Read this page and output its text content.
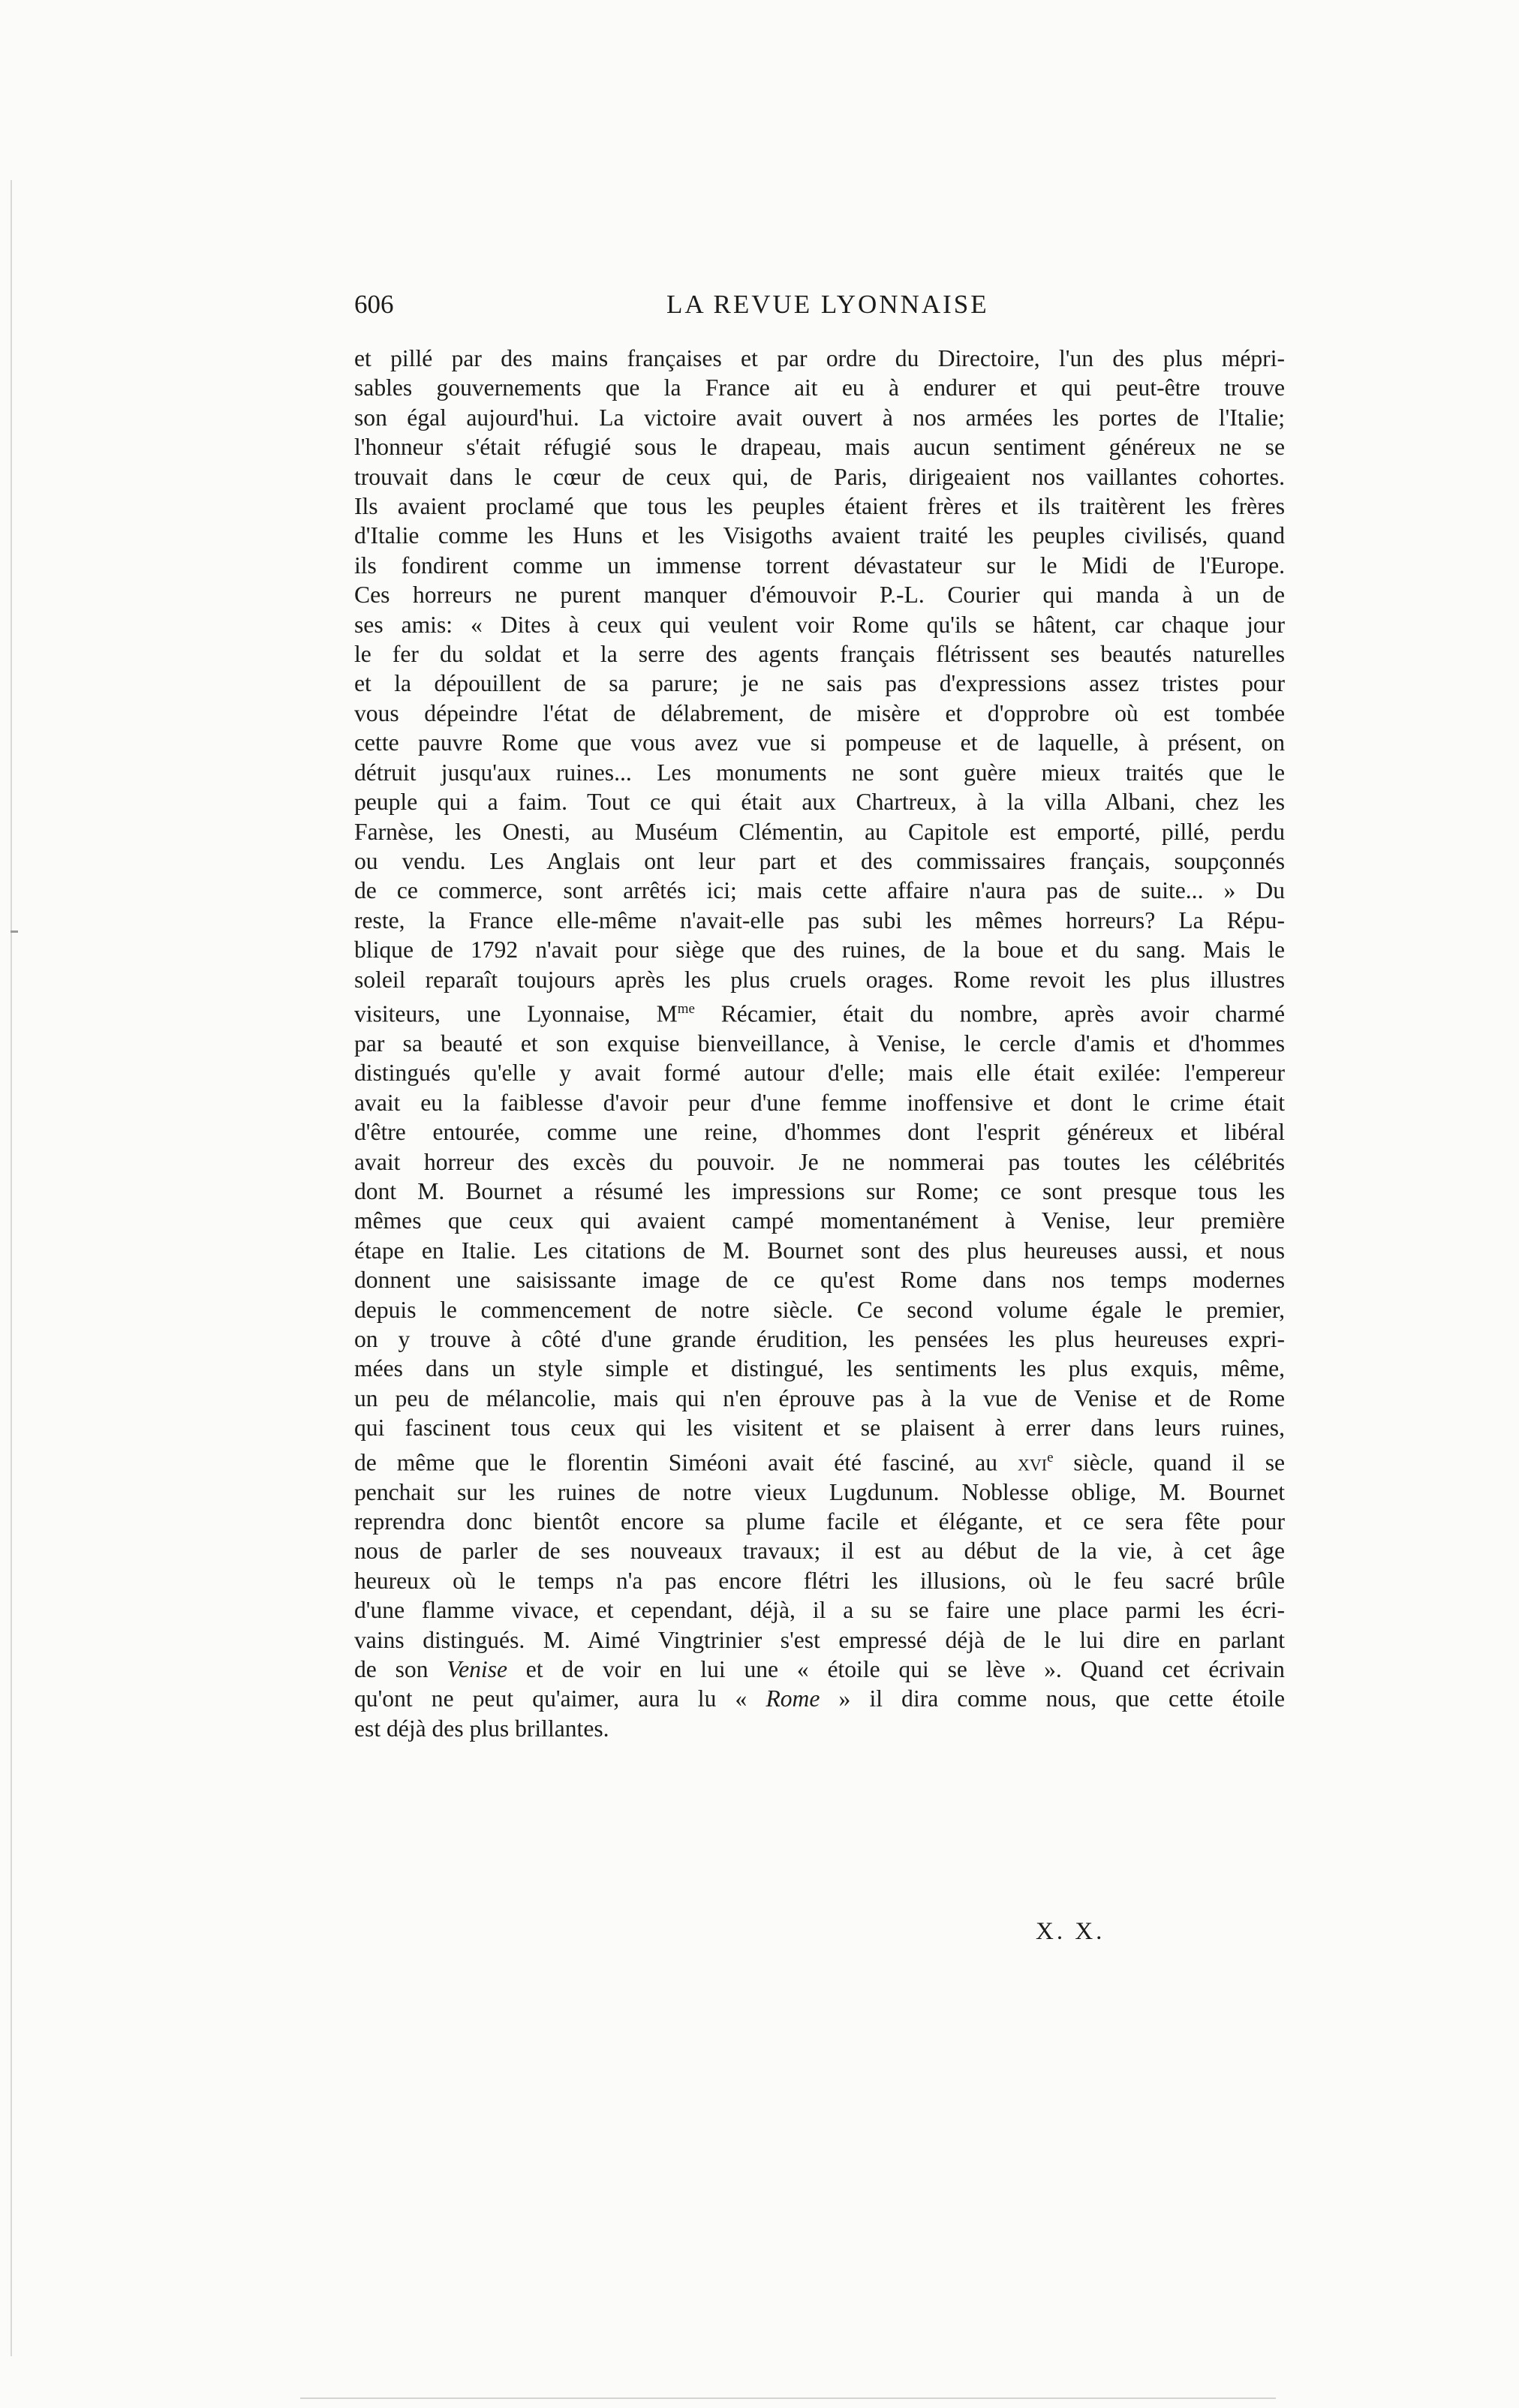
606	LA REVUE LYONNAISE
et pillé par des mains françaises et par ordre du Directoire, l'un des plus mépri-
sables gouvernements que la France ait eu à endurer et qui peut-être trouve
son égal aujourd'hui. La victoire avait ouvert à nos armées les portes de l'Italie;
l'honneur s'était réfugié sous le drapeau, mais aucun sentiment généreux ne se
trouvait dans le cœur de ceux qui, de Paris, dirigeaient nos vaillantes cohortes.
Ils avaient proclamé que tous les peuples étaient frères et ils traitèrent les frères
d'Italie comme les Huns et les Visigoths avaient traité les peuples civilisés, quand
ils fondirent comme un immense torrent dévastateur sur le Midi de l'Europe.
Ces horreurs ne purent manquer d'émouvoir P.-L. Courier qui manda à un de
ses amis: « Dites à ceux qui veulent voir Rome qu'ils se hâtent, car chaque jour
le fer du soldat et la serre des agents français flétrissent ses beautés naturelles
et la dépouillent de sa parure; je ne sais pas d'expressions assez tristes pour
vous dépeindre l'état de délabrement, de misère et d'opprobre où est tombée
cette pauvre Rome que vous avez vue si pompeuse et de laquelle, à présent, on
détruit jusqu'aux ruines... Les monuments ne sont guère mieux traités que le
peuple qui a faim. Tout ce qui était aux Chartreux, à la villa Albani, chez les
Farnèse, les Onesti, au Muséum Clémentin, au Capitole est emporté, pillé, perdu
ou vendu. Les Anglais ont leur part et des commissaires français, soupçonnés
de ce commerce, sont arrêtés ici; mais cette affaire n'aura pas de suite... » Du
reste, la France elle-même n'avait-elle pas subi les mêmes horreurs? La Répu-
blique de 1792 n'avait pour siège que des ruines, de la boue et du sang. Mais le
soleil reparaît toujours après les plus cruels orages. Rome revoit les plus illustres
visiteurs, une Lyonnaise, $M^{me}$ Récamier, était du nombre, après avoir charmé
par sa beauté et son exquise bienveillance, à Venise, le cercle d'amis et d'hommes
distingués qu'elle y avait formé autour d'elle; mais elle était exilée: l'empereur
avait eu la faiblesse d'avoir peur d'une femme inoffensive et dont le crime était
d'être entourée, comme une reine, d'hommes dont l'esprit généreux et libéral
avait horreur des excès du pouvoir. Je ne nommerai pas toutes les célébrités
dont M. Bournet a résumé les impressions sur Rome; ce sont presque tous les
mêmes que ceux qui avaient campé momentanément à Venise, leur première
étape en Italie. Les citations de M. Bournet sont des plus heureuses aussi, et nous
donnent une saisissante image de ce qu'est Rome dans nos temps modernes
depuis le commencement de notre siècle. Ce second volume égale le premier,
on y trouve à côté d'une grande érudition, les pensées les plus heureuses expri-
mées dans un style simple et distingué, les sentiments les plus exquis, même,
un peu de mélancolie, mais qui n'en éprouve pas à la vue de Venise et de Rome
qui fascinent tous ceux qui les visitent et se plaisent à errer dans leurs ruines,
de même que le florentin Siméoni avait été fasciné, au xvi$^e$ siècle, quand il se
penchait sur les ruines de notre vieux Lugdunum. Noblesse oblige, M. Bournet
reprendra donc bientôt encore sa plume facile et élégante, et ce sera fête pour
nous de parler de ses nouveaux travaux; il est au début de la vie, à cet âge
heureux où le temps n'a pas encore flétri les illusions, où le feu sacré brûle
d'une flamme vivace, et cependant, déjà, il a su se faire une place parmi les écri-
vains distingués. M. Aimé Vingtrinier s'est empressé déjà de le lui dire en parlant
de son Venise et de voir en lui une « étoile qui se lève ». Quand cet écrivain
qu'ont ne peut qu'aimer, aura lu « Rome » il dira comme nous, que cette étoile
est déjà des plus brillantes.
X. X.
